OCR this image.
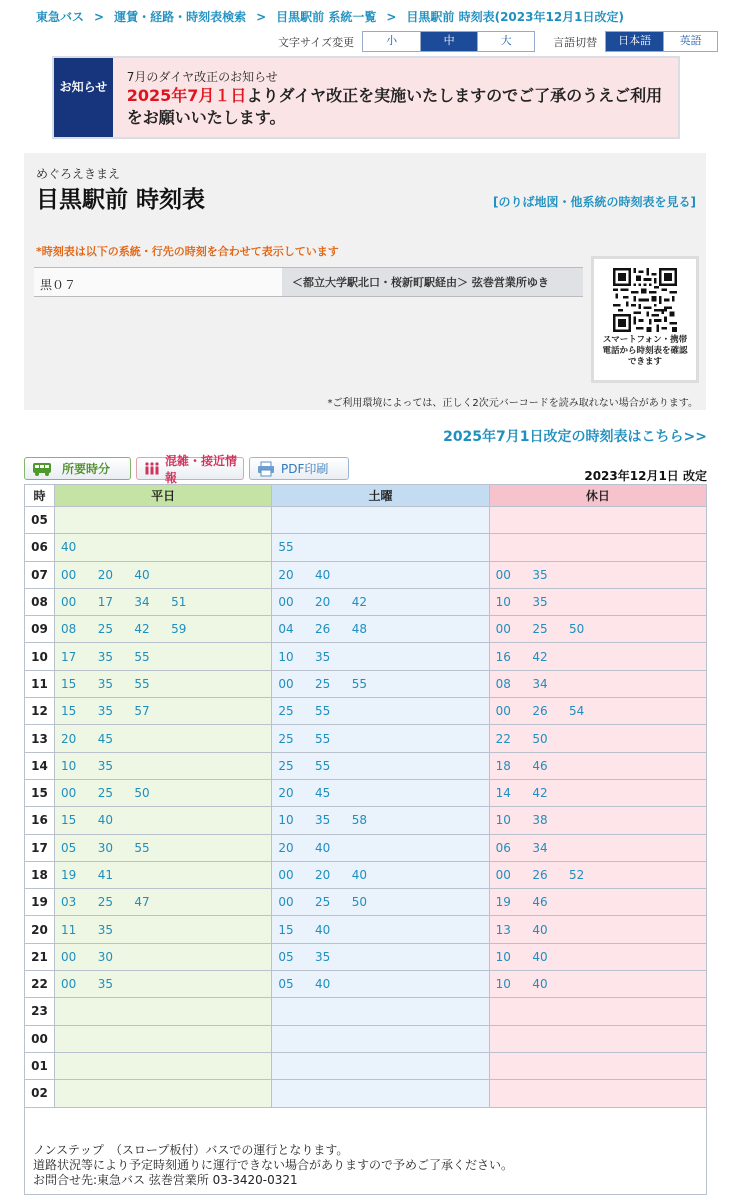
東急バス > 運賃・経路・時刻表検索 > 目黒駅前 系統一覧 > 目黒駅前 時刻表(2023年12月1日改定)
文字サイズ変更	小	中	大	言語切替	日本語	英語
お知らせ
7月のダイヤ改正のお知らせ
2025年7月１日よりダイヤ改正を実施いたしますのでご了承のうえご利用をお願いいたします。
めぐろえきまえ
目黒駅前 時刻表	[のりば地図・他系統の時刻表を見る]
*時刻表は以下の系統・行先の時刻を合わせて表示しています
黒０７	＜都立大学駅北口・桜新町駅経由＞ 弦巻営業所ゆき
スマートフォン・携帯
電話から時刻表を確認
できます
*ご利用環境によっては、正しく2次元バーコードを読み取れない場合があります。
2025年7月1日改定の時刻表はこちら>>
所要時分
混雑・接近情報
PDF印刷	2023年12月1日 改定
時	平日	土曜	休日
05			
06	40	55	
07	00 20 40	20 40	00 35
08	00 17 34 51	00 20 42	10 35
09	08 25 42 59	04 26 48	00 25 50
10	17 35 55	10 35	16 42
11	15 35 55	00 25 55	08 34
12	15 35 57	25 55	00 26 54
13	20 45	25 55	22 50
14	10 35	25 55	18 46
15	00 25 50	20 45	14 42
16	15 40	10 35 58	10 38
17	05 30 55	20 40	06 34
18	19 41	00 20 40	00 26 52
19	03 25 47	00 25 50	19 46
20	11 35	15 40	13 40
21	00 30	05 35	10 40
22	00 35	05 40	10 40
23			
00			
01			
02			
ノンステップ　（スロープ板付）バスでの運行となります。
道路状況等により予定時刻通りに運行できない場合がありますので予めご了承ください。
お問合せ先:東急バス 弦巻営業所 03-3420-0321
